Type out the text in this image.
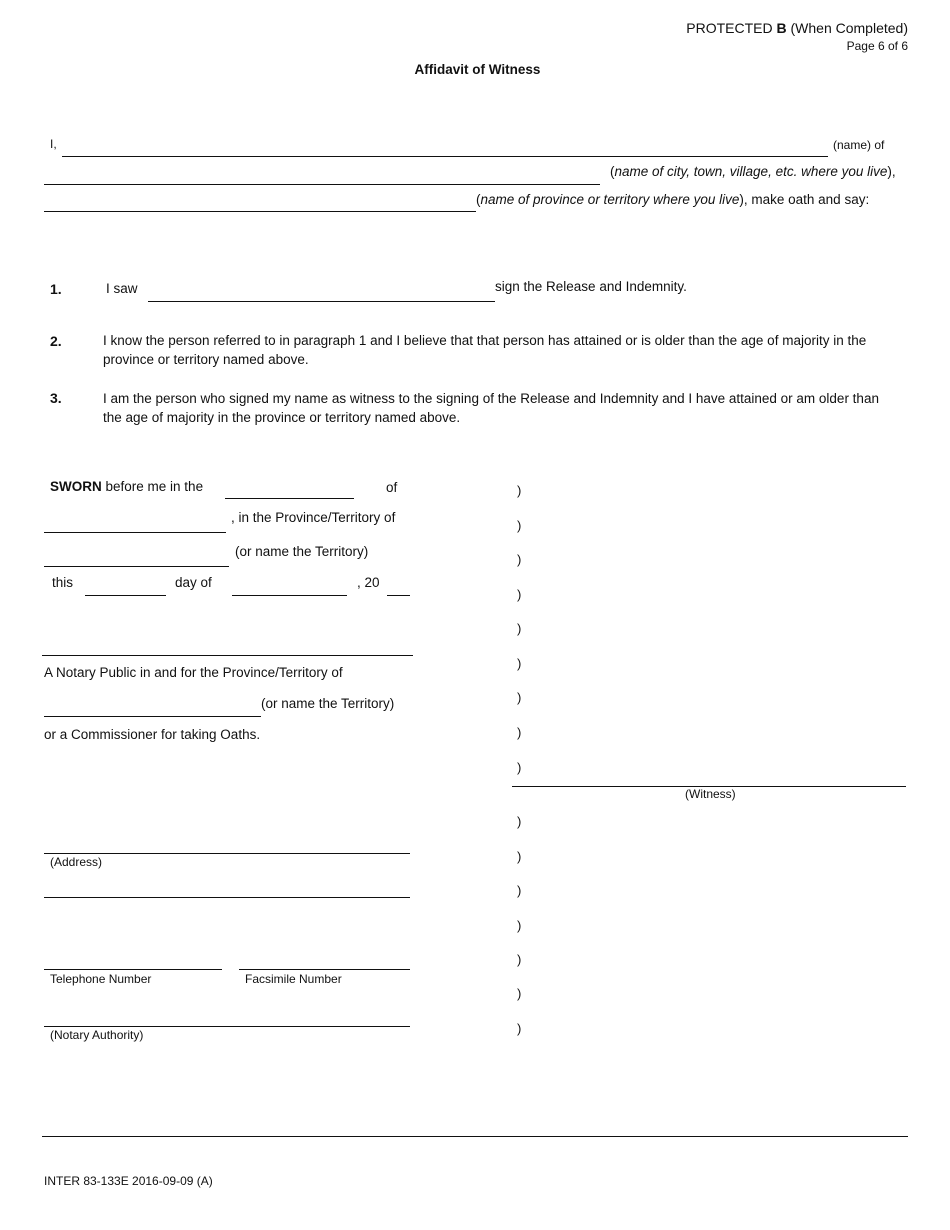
PROTECTED B (When Completed)
Page 6 of 6
Affidavit of Witness
I,	(name) of
(name of city, town, village, etc. where you live),
(name of province or territory where you live), make oath and say:
1.	I saw	sign the Release and Indemnity.
2.	I know the person referred to in paragraph 1 and I believe that that person has attained or is older than the age of majority in the province or territory named above.
3.	I am the person who signed my name as witness to the signing of the Release and Indemnity and I have attained or am older than the age of majority in the province or territory named above.
SWORN before me in the	of
, in the Province/Territory of
(or name the Territory)
this	day of	, 20
A Notary Public in and for the Province/Territory of
(or name the Territory)
or a Commissioner for taking Oaths.
(Address)
Telephone Number	Facsimile Number
(Notary Authority)
)
)
)
)
)
)
)
)
)
(Witness)
)
)
)
)
)
)
)
INTER 83-133E 2016-09-09 (A)
